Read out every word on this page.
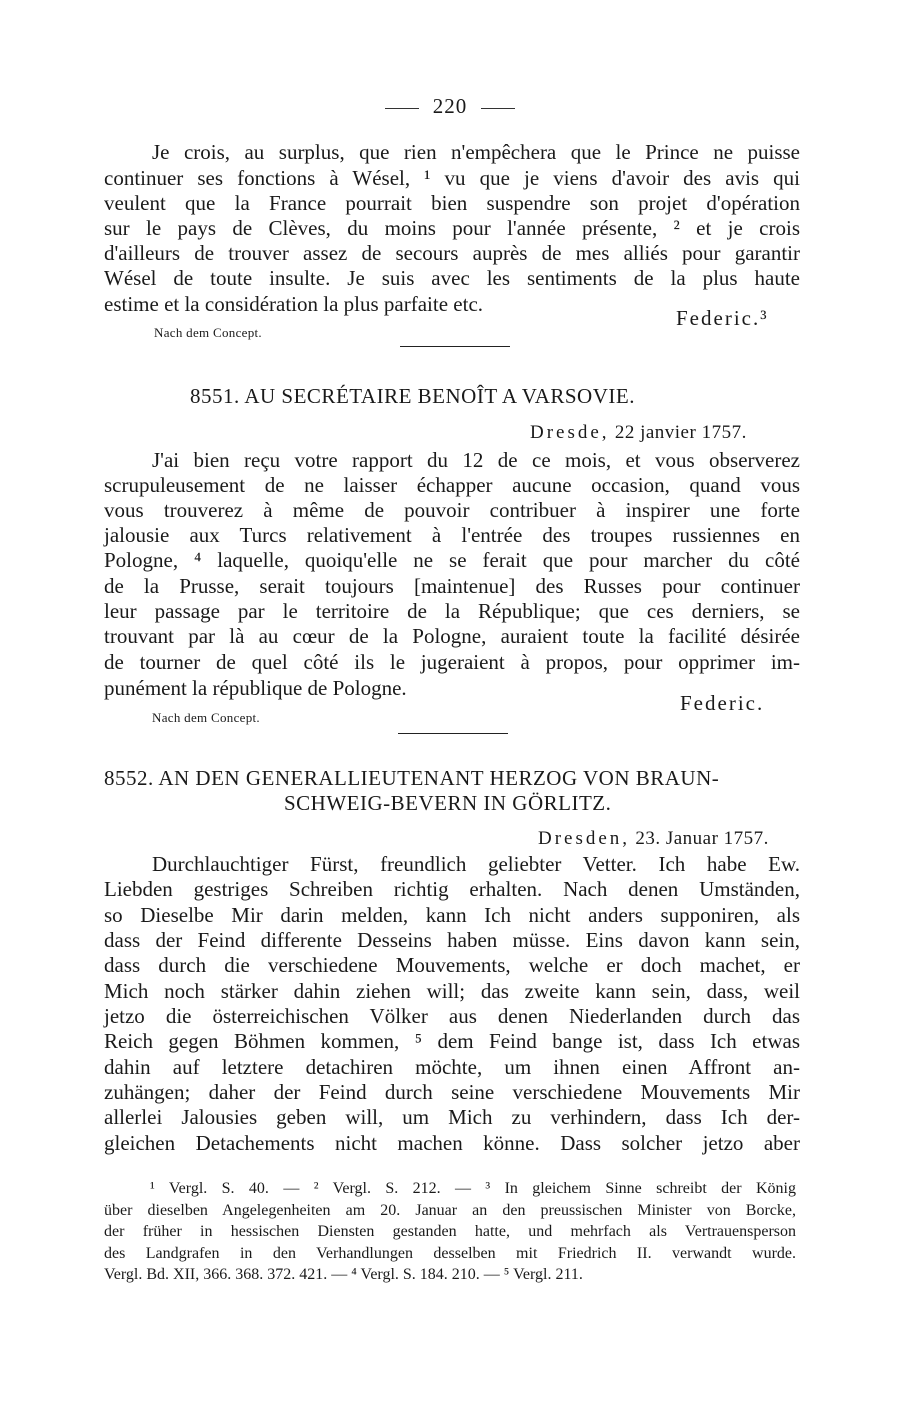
220
Je crois, au surplus, que rien n'empêchera que le Prince ne puisse
continuer ses fonctions à Wésel, ¹ vu que je viens d'avoir des avis qui
veulent que la France pourrait bien suspendre son projet d'opération
sur le pays de Clèves, du moins pour l'année présente, ² et je crois
d'ailleurs de trouver assez de secours auprès de mes alliés pour garantir
Wésel de toute insulte. Je suis avec les sentiments de la plus haute
estime et la considération la plus parfaite etc.
Federic.³
Nach dem Concept.
8551. AU SECRÉTAIRE BENOÎT A VARSOVIE.
Dresde, 22 janvier 1757.
J'ai bien reçu votre rapport du 12 de ce mois, et vous observerez
scrupuleusement de ne laisser échapper aucune occasion, quand vous
vous trouverez à même de pouvoir contribuer à inspirer une forte
jalousie aux Turcs relativement à l'entrée des troupes russiennes en
Pologne, ⁴ laquelle, quoiqu'elle ne se ferait que pour marcher du côté
de la Prusse, serait toujours [maintenue] des Russes pour continuer
leur passage par le territoire de la République; que ces derniers, se
trouvant par là au cœur de la Pologne, auraient toute la facilité désirée
de tourner de quel côté ils le jugeraient à propos, pour opprimer im-
punément la république de Pologne.
Federic.
Nach dem Concept.
8552. AN DEN GENERALLIEUTENANT HERZOG VON BRAUN-
SCHWEIG-BEVERN IN GÖRLITZ.
Dresden, 23. Januar 1757.
Durchlauchtiger Fürst, freundlich geliebter Vetter. Ich habe Ew.
Liebden gestriges Schreiben richtig erhalten. Nach denen Umständen,
so Dieselbe Mir darin melden, kann Ich nicht anders supponiren, als
dass der Feind differente Desseins haben müsse. Eins davon kann sein,
dass durch die verschiedene Mouvements, welche er doch machet, er
Mich noch stärker dahin ziehen will; das zweite kann sein, dass, weil
jetzo die österreichischen Völker aus denen Niederlanden durch das
Reich gegen Böhmen kommen, ⁵ dem Feind bange ist, dass Ich etwas
dahin auf letztere detachiren möchte, um ihnen einen Affront an-
zuhängen; daher der Feind durch seine verschiedene Mouvements Mir
allerlei Jalousies geben will, um Mich zu verhindern, dass Ich der-
gleichen Detachements nicht machen könne. Dass solcher jetzo aber
¹ Vergl. S. 40. — ² Vergl. S. 212. — ³ In gleichem Sinne schreibt der König
über dieselben Angelegenheiten am 20. Januar an den preussischen Minister von Borcke,
der früher in hessischen Diensten gestanden hatte, und mehrfach als Vertrauensperson
des Landgrafen in den Verhandlungen desselben mit Friedrich II. verwandt wurde.
Vergl. Bd. XII, 366. 368. 372. 421. — ⁴ Vergl. S. 184. 210. — ⁵ Vergl. 211.
